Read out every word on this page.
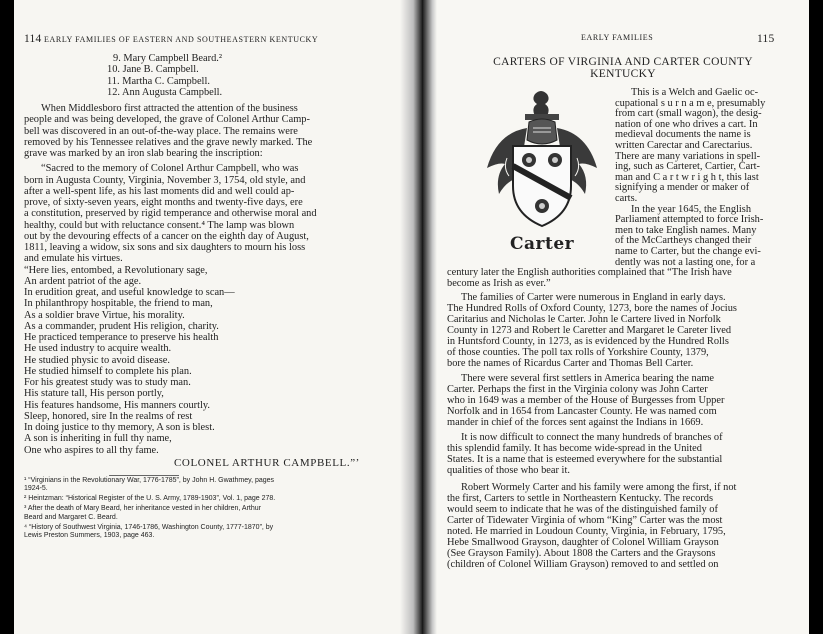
114 EARLY FAMILIES OF EASTERN AND SOUTHEASTERN KENTUCKY
9. Mary Campbell Beard.²
10. Jane B. Campbell.
11. Martha C. Campbell.
12. Ann Augusta Campbell.
When Middlesboro first attracted the attention of the business
people and was being developed, the grave of Colonel Arthur Camp-
bell was discovered in an out-of-the-way place. The remains were
removed by his Tennessee relatives and the grave newly marked. The
grave was marked by an iron slab bearing the inscription:
“Sacred to the memory of Colonel Arthur Campbell, who was
born in Augusta County, Virginia, November 3, 1754, old style, and
after a well-spent life, as his last moments did and well could ap-
prove, of sixty-seven years, eight months and twenty-five days, ere
a constitution, preserved by rigid temperance and otherwise moral and
healthy, could but with reluctance consent.⁴ The lamp was blown
out by the devouring effects of a cancer on the eighth day of August,
1811, leaving a widow, six sons and six daughters to mourn his loss
and emulate his virtues.
“Here lies, entombed, a Revolutionary sage,
An ardent patriot of the age.
In erudition great, and useful knowledge to scan—
In philanthropy hospitable, the friend to man,
As a soldier brave Virtue, his morality.
As a commander, prudent His religion, charity.
He practiced temperance to preserve his health
He used industry to acquire wealth.
He studied physic to avoid disease.
He studied himself to complete his plan.
For his greatest study was to study man.
His stature tall, His person portly,
His features handsome, His manners courtly.
Sleep, honored, sire In the realms of rest
In doing justice to thy memory, A son is blest.
A son is inheriting in full thy name,
One who aspires to all thy fame.
COLONEL ARTHUR CAMPBELL.”’
¹ “Virginians in the Revolutionary War, 1776-1785”, by John H. Gwathmey, pages
1924-5.
² Heintzman: “Historical Register of the U. S. Army, 1789-1903”, Vol. 1, page 278.
³ After the death of Mary Beard, her inheritance vested in her children, Arthur
Beard and Margaret C. Beard.
⁴ “History of Southwest Virginia, 1746-1786, Washington County, 1777-1870”, by
Lewis Preston Summers, 1903, page 463.
EARLY FAMILIES	115
CARTERS OF VIRGINIA AND CARTER COUNTY
KENTUCKY
Carter
This is a Welch and Gaelic oc-
cupational s u r n a m e, presumably
from cart (small wagon), the desig-
nation of one who drives a cart. In
medieval documents the name is
written Carectar and Carectarius.
There are many variations in spell-
ing, such as Carteret, Cartier, Cart-
man and C a r t w r i g h t, this last
signifying a mender or maker of
carts.
In the year 1645, the English
Parliament attempted to force Irish-
men to take English names. Many
of the McCartheys changed their
name to Carter, but the change evi-
dently was not a lasting one, for a
century later the English authorities complained that “The Irish have
become as Irish as ever.”
The families of Carter were numerous in England in early days.
The Hundred Rolls of Oxford County, 1273, bore the names of Jocius
Caritarius and Nicholas le Carter. John le Cartere lived in Norfolk
County in 1273 and Robert le Caretter and Margaret le Careter lived
in Huntsford County, in 1273, as is evidenced by the Hundred Rolls
of those counties. The poll tax rolls of Yorkshire County, 1379,
bore the names of Ricardus Carter and Thomas Bell Carter.
There were several first settlers in America bearing the name
Carter. Perhaps the first in the Virginia colony was John Carter
who in 1649 was a member of the House of Burgesses from Upper
Norfolk and in 1654 from Lancaster County. He was named com
mander in chief of the forces sent against the Indians in 1669.
It is now difficult to connect the many hundreds of branches of
this splendid family. It has become wide-spread in the United
States. It is a name that is esteemed everywhere for the substantial
qualities of those who bear it.
Robert Wormely Carter and his family were among the first, if not
the first, Carters to settle in Northeastern Kentucky. The records
would seem to indicate that he was of the distinguished family of
Carter of Tidewater Virginia of whom “King” Carter was the most
noted. He married in Loudoun County, Virginia, in February, 1795,
Hebe Smallwood Grayson, daughter of Colonel William Grayson
(See Grayson Family). About 1808 the Carters and the Graysons
(children of Colonel William Grayson) removed to and settled on
